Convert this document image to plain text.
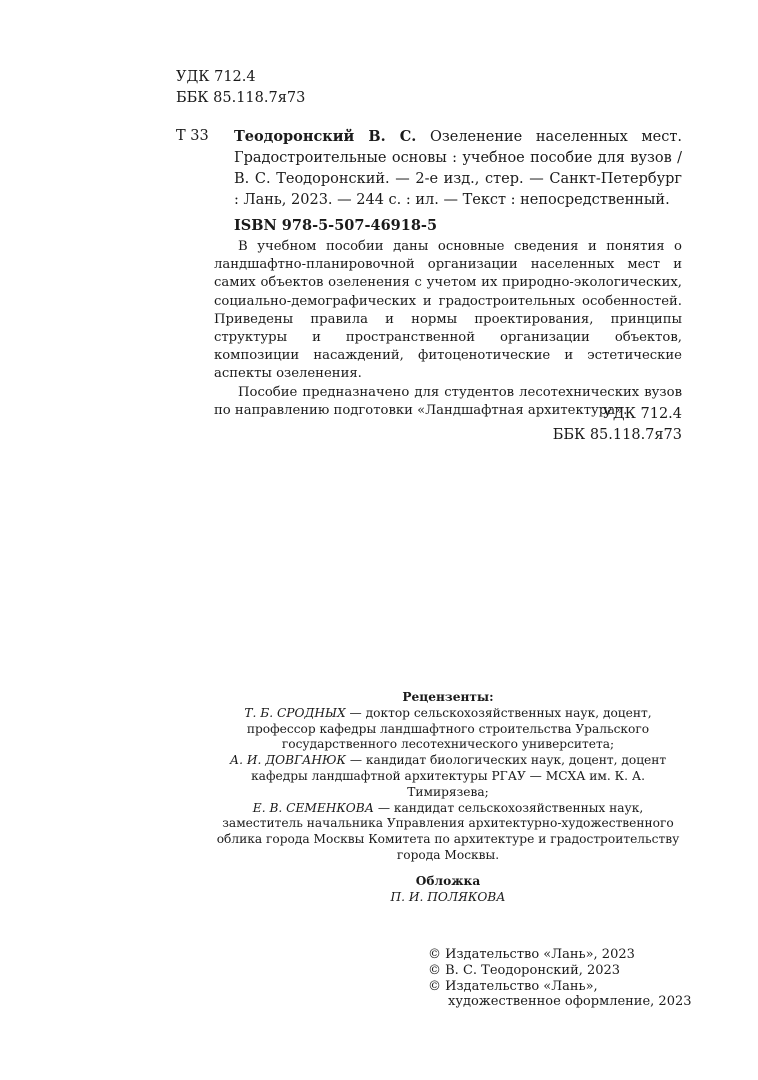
УДК 712.4
ББК 85.118.7я73
Т 33 Теодоронский В. С. Озеленение населенных мест. Градостроительные основы : учебное пособие для вузов / В. С. Теодоронский. — 2-е изд., стер. — Санкт-Петербург : Лань, 2023. — 244 с. : ил. — Текст : непосредственный.
ISBN 978-5-507-46918-5

В учебном пособии даны основные сведения и понятия о ландшафтно-планировочной организации населенных мест и самих объектов озеленения с учетом их природно-экологических, социально-демографических и градостроительных особенностей. Приведены правила и нормы проектирования, принципы структуры и пространственной организации объектов, композиции насаждений, фитоценотические и эстетические аспекты озеленения.

Пособие предназначено для студентов лесотехнических вузов по направлению подготовки «Ландшафтная архитектура».

УДК 712.4
ББК 85.118.7я73
Рецензенты:

Т. Б. СРОДНЫХ — доктор сельскохозяйственных наук, доцент, профессор кафедры ландшафтного строительства Уральского государственного лесотехнического университета;

А. И. ДОВГАНЮК — кандидат биологических наук, доцент, доцент кафедры ландшафтной архитектуры РГАУ — МСХА им. К. А. Тимирязева;

Е. В. СЕМЕНКОВА — кандидат сельскохозяйственных наук, заместитель начальника Управления архитектурно-художественного облика города Москвы Комитета по архитектуре и градостроительству города Москвы.

Обложка
П. И. ПОЛЯКОВА
© Издательство «Лань», 2023
© В. С. Теодоронский, 2023
© Издательство «Лань»,
художественное оформление, 2023
